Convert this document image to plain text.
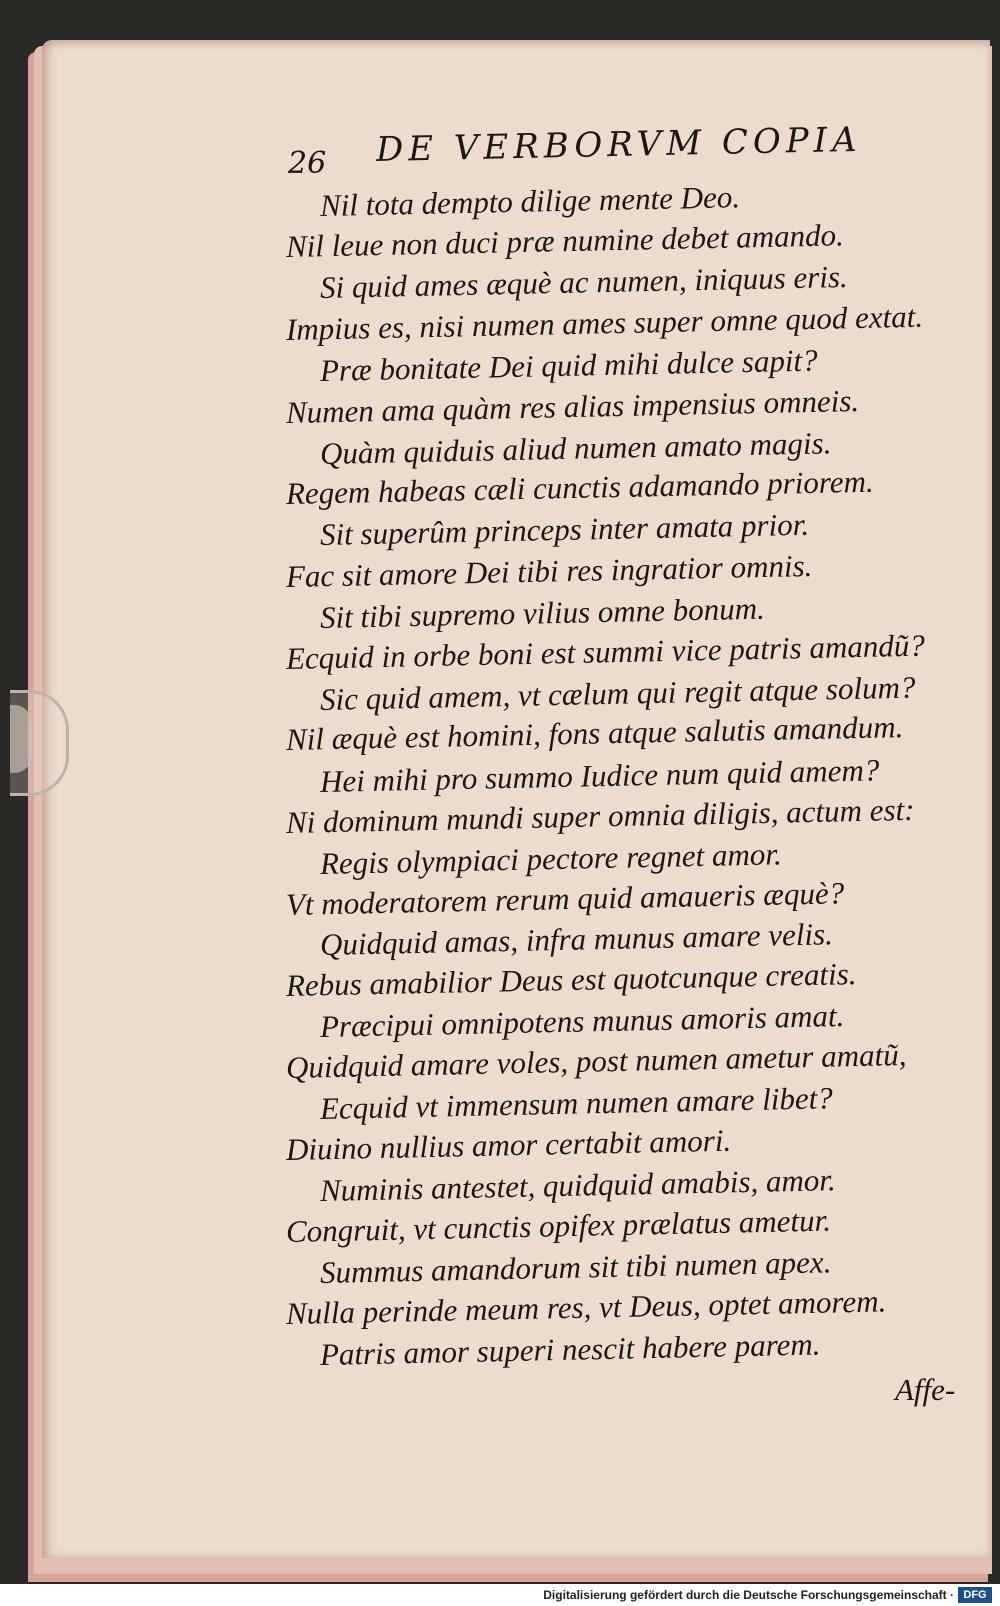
26 DE VERBORVM COPIA
Nil tota dempto dilige mente Deo.
Nil leue non duci præ numine debet amando.
Si quid ames æquè ac numen, iniquus eris.
Impius es, nisi numen ames super omne quod extat.
Præ bonitate Dei quid mihi dulce sapit?
Numen ama quàm res alias impensius omneis.
Quàm quiduis aliud numen amato magis.
Regem habeas cæli cunctis adamando priorem.
Sit superûm princeps inter amata prior.
Fac sit amore Dei tibi res ingratior omnis.
Sit tibi supremo vilius omne bonum.
Ecquid in orbe boni est summi vice patris amandũ?
Sic quid amem, vt cælum qui regit atque solum?
Nil æquè est homini, fons atque salutis amandum.
Hei mihi pro summo Iudice num quid amem?
Ni dominum mundi super omnia diligis, actum est:
Regis olympiaci pectore regnet amor.
Vt moderatorem rerum quid amaueris æquè?
Quidquid amas, infra munus amare velis.
Rebus amabilior Deus est quotcunque creatis.
Præcipui omnipotens munus amoris amat.
Quidquid amare voles, post numen ametur amatũ,
Ecquid vt immensum numen amare libet?
Diuino nullius amor certabit amori.
Numinis antestet, quidquid amabis, amor.
Congruit, vt cunctis opifex prælatus ametur.
Summus amandorum sit tibi numen apex.
Nulla perinde meum res, vt Deus, optet amorem.
Patris amor superi nescit habere parem.
Affe-
Digitalisierung gefördert durch die Deutsche Forschungsgemeinschaft · DFG
